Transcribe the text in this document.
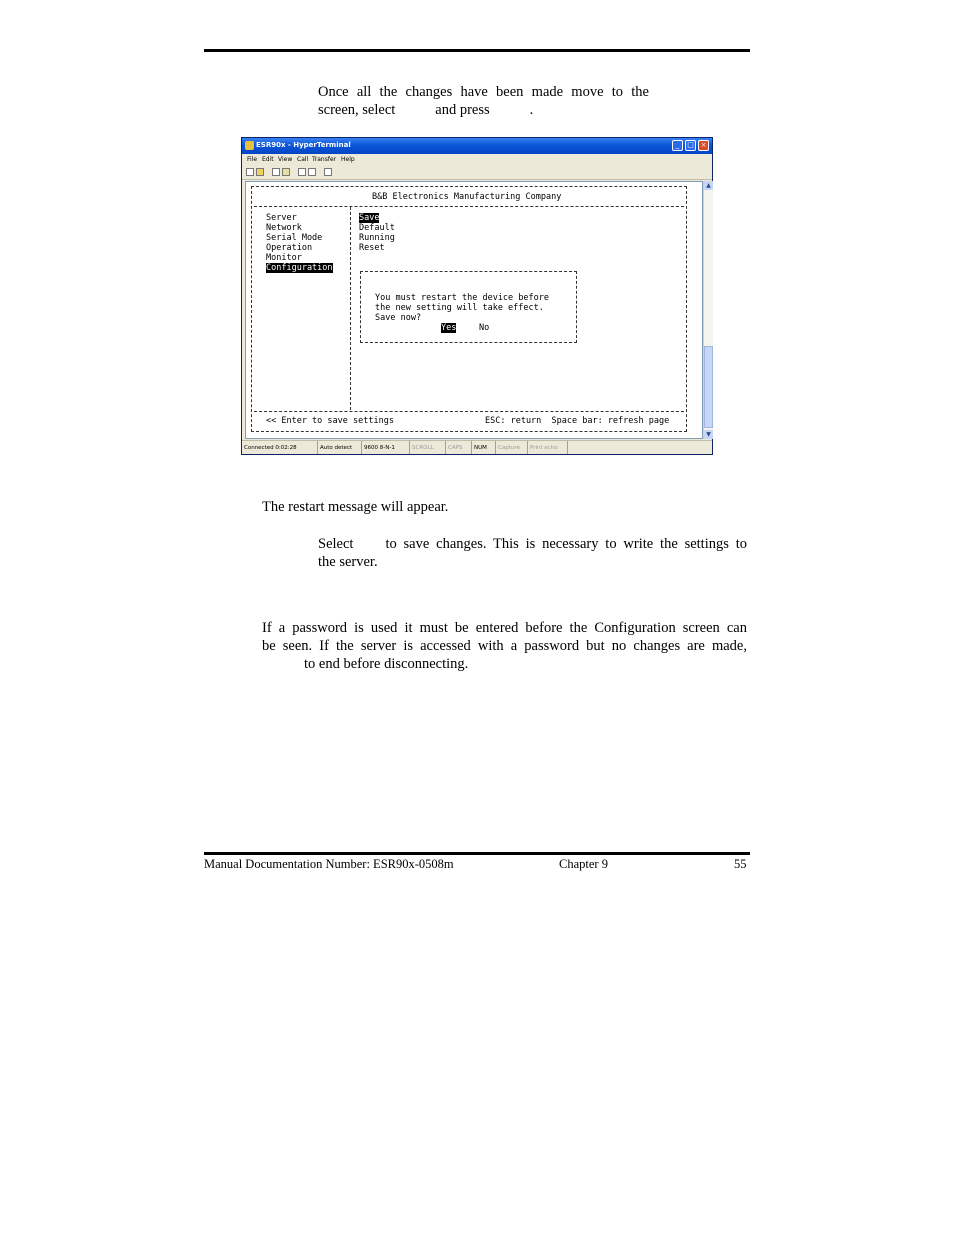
Once all the changes have been made move to the
screen, select	and press	.
ESR90x - HyperTerminal	_	□ ×
File Edit View Call Transfer Help
B&B Electronics Manufacturing Company
Server
Network
Serial Mode
Operation
Monitor
Configuration
Save
Default
Running
Reset
You must restart the device before
the new setting will take effect.
Save now?
Yes	No
<< Enter to save settings	ESC: return  Space bar: refresh page
▲
▼
Connected 0:02:28	Auto detect	9600 8-N-1	SCROLL	CAPS	NUM	Capture	Print echo
The restart message will appear.
Select to save changes. This is necessary to write the settings to
the server.
If a password is used it must be entered before the Configuration screen can
be seen. If the server is accessed with a password but no changes are made,
to end before disconnecting.
Manual Documentation Number: ESR90x-0508m	Chapter 9	55
